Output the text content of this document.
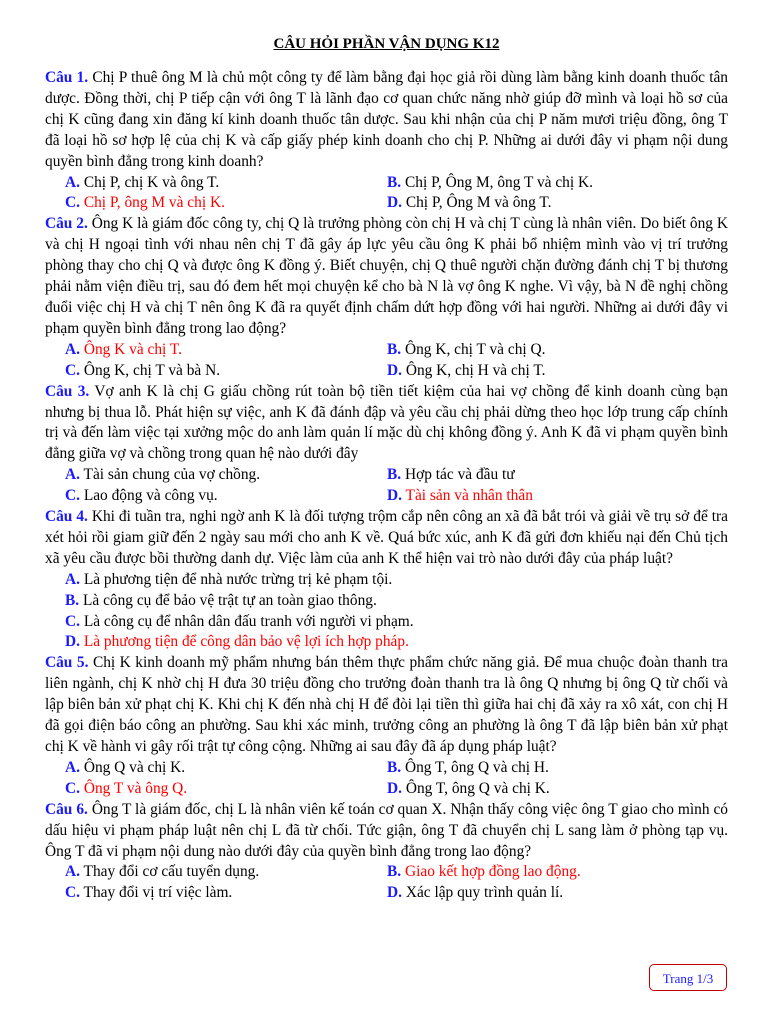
CÂU HỎI PHẦN VẬN DỤNG K12

Câu 1. Chị P thuê ông M là chủ một công ty để làm bằng đại học giả rồi dùng làm bằng kinh doanh thuốc tân dược. Đồng thời, chị P tiếp cận với ông T là lãnh đạo cơ quan chức năng nhờ giúp đỡ mình và loại hồ sơ của chị K cũng đang xin đăng kí kinh doanh thuốc tân dược. Sau khi nhận của chị P năm mươi triệu đồng, ông T đã loại hồ sơ hợp lệ của chị K và cấp giấy phép kinh doanh cho chị P. Những ai dưới đây vi phạm nội dung quyền bình đẳng trong kinh doanh?

A. Chị P, chị K và ông T.	B. Chị P, Ông M, ông T và chị K.
C. Chị P, ông M và chị K.	D. Chị P, Ông M và ông T.

Câu 2. Ông K là giám đốc công ty, chị Q là trưởng phòng còn chị H và chị T cùng là nhân viên. Do biết ông K và chị H ngoại tình với nhau nên chị T đã gây áp lực yêu cầu ông K phải bổ nhiệm mình vào vị trí trưởng phòng thay cho chị Q và được ông K đồng ý. Biết chuyện, chị Q thuê người chặn đường đánh chị T bị thương phải nằm viện điều trị, sau đó đem hết mọi chuyện kể cho bà N là vợ ông K nghe. Vì vậy, bà N đề nghị chồng đuổi việc chị H và chị T nên ông K đã ra quyết định chấm dứt hợp đồng với hai người. Những ai dưới đây vi phạm quyền bình đẳng trong lao động?

A. Ông K và chị T.	B. Ông K, chị T và chị Q.
C. Ông K, chị T và bà N.	D. Ông K, chị H và chị T.

Câu 3. Vợ anh K là chị G giấu chồng rút toàn bộ tiền tiết kiệm của hai vợ chồng để kinh doanh cùng bạn nhưng bị thua lỗ. Phát hiện sự việc, anh K đã đánh đập và yêu cầu chị phải dừng theo học lớp trung cấp chính trị và đến làm việc tại xưởng mộc do anh làm quản lí mặc dù chị không đồng ý. Anh K đã vi phạm quyền bình đẳng giữa vợ và chồng trong quan hệ nào dưới đây

A. Tài sản chung của vợ chồng.	B. Hợp tác và đầu tư
C. Lao động và công vụ.	D. Tài sản và nhân thân

Câu 4. Khi đi tuần tra, nghi ngờ anh K là đối tượng trộm cắp nên công an xã đã bắt trói và giải về trụ sở để tra xét hỏi rồi giam giữ đến 2 ngày sau mới cho anh K về. Quá bức xúc, anh K đã gửi đơn khiếu nại đến Chủ tịch xã yêu cầu được bồi thường danh dự. Việc làm của anh K thể hiện vai trò nào dưới đây của pháp luật?

A. Là phương tiện để nhà nước trừng trị kẻ phạm tội.
B. Là công cụ để bảo vệ trật tự an toàn giao thông.
C. Là công cụ để nhân dân đấu tranh với người vi phạm.
D. Là phương tiện để công dân bảo vệ lợi ích hợp pháp.

Câu 5. Chị K kinh doanh mỹ phẩm nhưng bán thêm thực phẩm chức năng giả. Để mua chuộc đoàn thanh tra liên ngành, chị K nhờ chị H đưa 30 triệu đồng cho trưởng đoàn thanh tra là ông Q nhưng bị ông Q từ chối và lập biên bản xử phạt chị K. Khi chị K đến nhà chị H để đòi lại tiền thì giữa hai chị đã xảy ra xô xát, con chị H đã gọi điện báo công an phường. Sau khi xác minh, trưởng công an phường là ông T đã lập biên bản xử phạt chị K về hành vi gây rối trật tự công cộng. Những ai sau đây đã áp dụng pháp luật?

A. Ông Q và chị K.	B. Ông T, ông Q và chị H.
C. Ông T và ông Q.	D. Ông T, ông Q và chị K.

Câu 6. Ông T là giám đốc, chị L là nhân viên kế toán cơ quan X. Nhận thấy công việc ông T giao cho mình có dấu hiệu vi phạm pháp luật nên chị L đã từ chối. Tức giận, ông T đã chuyển chị L sang làm ở phòng tạp vụ. Ông T đã vi phạm nội dung nào dưới đây của quyền bình đẳng trong lao động?

A. Thay đổi cơ cấu tuyển dụng.	B. Giao kết hợp đồng lao động.
C. Thay đổi vị trí việc làm.	D. Xác lập quy trình quản lí.
Trang 1/3
